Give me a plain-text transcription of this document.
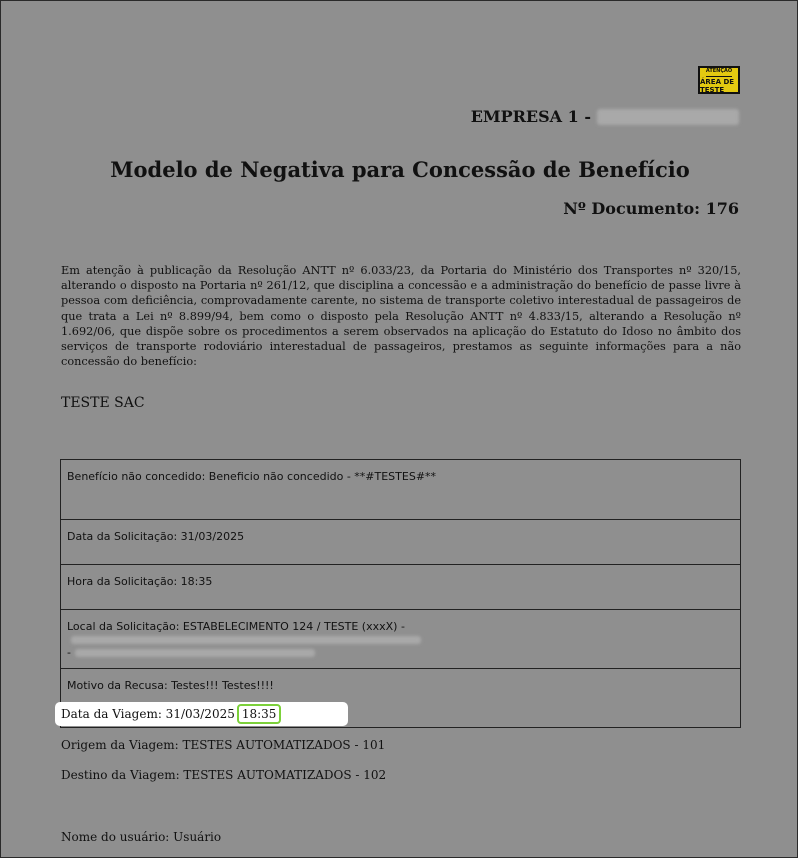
ATENÇÃO
ÁREA DE TESTE
EMPRESA 1 -
Modelo de Negativa para Concessão de Benefício
Nº Documento: 176
Em atenção à publicação da Resolução ANTT nº 6.033/23, da Portaria do Ministério dos Transportes nº 320/15, alterando o disposto na Portaria nº 261/12, que disciplina a concessão e a administração do benefício de passe livre à pessoa com deficiência, comprovadamente carente, no sistema de transporte coletivo interestadual de passageiros de que trata a Lei nº 8.899/94, bem como o disposto pela Resolução ANTT nº 4.833/15, alterando a Resolução nº 1.692/06, que dispõe sobre os procedimentos a serem observados na aplicação do Estatuto do Idoso no âmbito dos serviços de transporte rodoviário interestadual de passageiros, prestamos as seguinte informações para a não concessão do benefício:
TESTE SAC
Benefício não concedido: Beneficio não concedido - **#TESTES#**
Data da Solicitação: 31/03/2025
Hora da Solicitação: 18:35
Local da Solicitação: ESTABELECIMENTO 124 / TESTE (xxxX) -
-
Motivo da Recusa: Testes!!! Testes!!!!
Data da Viagem: 31/03/2025 18:35
Origem da Viagem: TESTES AUTOMATIZADOS - 101
Destino da Viagem: TESTES AUTOMATIZADOS - 102
Nome do usuário: Usuário
